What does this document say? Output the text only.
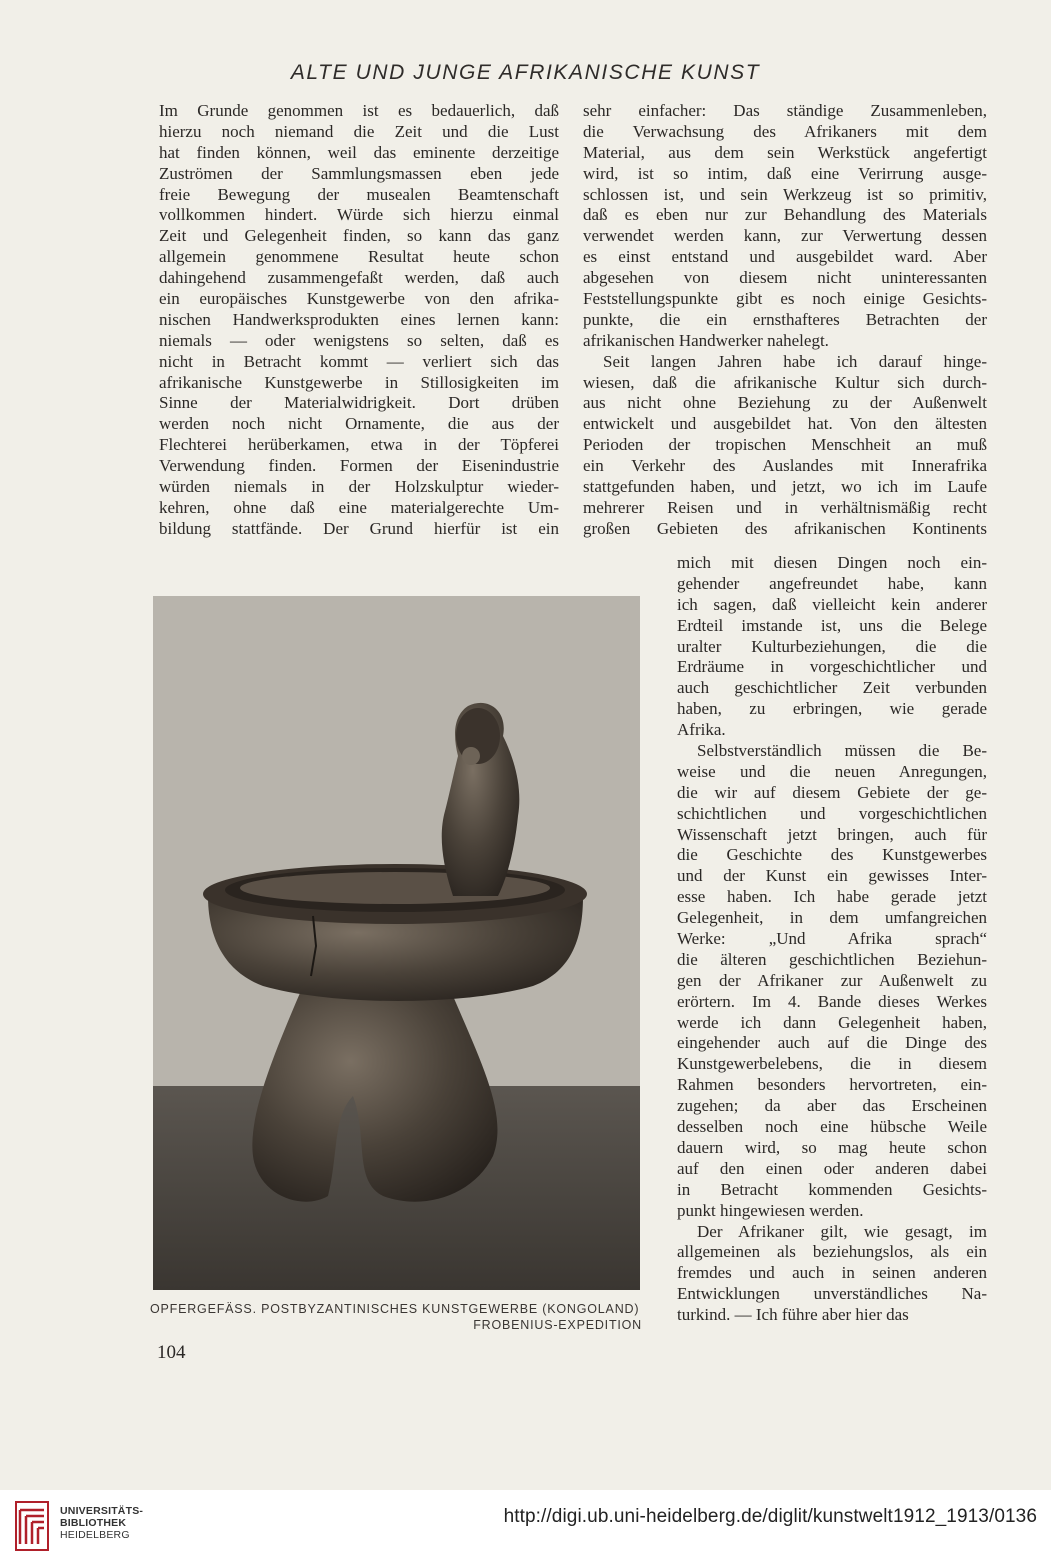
ALTE UND JUNGE AFRIKANISCHE KUNST
Im Grunde genommen ist es bedauerlich, daß
hierzu noch niemand die Zeit und die Lust
hat finden können, weil das eminente derzeitige
Zuströmen der Sammlungsmassen eben jede
freie Bewegung der musealen Beamtenschaft
vollkommen hindert. Würde sich hierzu einmal
Zeit und Gelegenheit finden, so kann das ganz
allgemein genommene Resultat heute schon
dahingehend zusammengefaßt werden, daß auch
ein europäisches Kunstgewerbe von den afrika-
nischen Handwerksprodukten eines lernen kann:
niemals — oder wenigstens so selten, daß es
nicht in Betracht kommt — verliert sich das
afrikanische Kunstgewerbe in Stillosigkeiten im
Sinne der Materialwidrigkeit. Dort drüben
werden noch nicht Ornamente, die aus der
Flechterei herüberkamen, etwa in der Töpferei
Verwendung finden. Formen der Eisenindustrie
würden niemals in der Holzskulptur wieder-
kehren, ohne daß eine materialgerechte Um-
bildung stattfände. Der Grund hierfür ist ein
sehr einfacher: Das ständige Zusammenleben,
die Verwachsung des Afrikaners mit dem
Material, aus dem sein Werkstück angefertigt
wird, ist so intim, daß eine Verirrung ausge-
schlossen ist, und sein Werkzeug ist so primitiv,
daß es eben nur zur Behandlung des Materials
verwendet werden kann, zur Verwertung dessen
es einst entstand und ausgebildet ward. Aber
abgesehen von diesem nicht uninteressanten
Feststellungspunkte gibt es noch einige Gesichts-
punkte, die ein ernsthafteres Betrachten der
afrikanischen Handwerker nahelegt.
Seit langen Jahren habe ich darauf hinge-
wiesen, daß die afrikanische Kultur sich durch-
aus nicht ohne Beziehung zu der Außenwelt
entwickelt und ausgebildet hat. Von den ältesten
Perioden der tropischen Menschheit an muß
ein Verkehr des Auslandes mit Innerafrika
stattgefunden haben, und jetzt, wo ich im Laufe
mehrerer Reisen und in verhältnismäßig recht
großen Gebieten des afrikanischen Kontinents
mich mit diesen Dingen noch ein-
gehender angefreundet habe, kann
ich sagen, daß vielleicht kein anderer
Erdteil imstande ist, uns die Belege
uralter Kulturbeziehungen, die die
Erdräume in vorgeschichtlicher und
auch geschichtlicher Zeit verbunden
haben, zu erbringen, wie gerade
Afrika.
Selbstverständlich müssen die Be-
weise und die neuen Anregungen,
die wir auf diesem Gebiete der ge-
schichtlichen und vorgeschichtlichen
Wissenschaft jetzt bringen, auch für
die Geschichte des Kunstgewerbes
und der Kunst ein gewisses Inter-
esse haben. Ich habe gerade jetzt
Gelegenheit, in dem umfangreichen
Werke: „Und Afrika sprach“
die älteren geschichtlichen Beziehun-
gen der Afrikaner zur Außenwelt zu
erörtern. Im 4. Bande dieses Werkes
werde ich dann Gelegenheit haben,
eingehender auch auf die Dinge des
Kunstgewerbelebens, die in diesem
Rahmen besonders hervortreten, ein-
zugehen; da aber das Erscheinen
desselben noch eine hübsche Weile
dauern wird, so mag heute schon
auf den einen oder anderen dabei
in Betracht kommenden Gesichts-
punkt hingewiesen werden.
Der Afrikaner gilt, wie gesagt, im
allgemeinen als beziehungslos, als ein
fremdes und auch in seinen anderen
Entwicklungen unverständliches Na-
turkind. — Ich führe aber hier das
OPFERGEFÄSS. POSTBYZANTINISCHES KUNSTGEWERBE (KONGOLAND)
FROBENIUS-EXPEDITION
104
UNIVERSITÄTS-
BIBLIOTHEK
HEIDELBERG
http://digi.ub.uni-heidelberg.de/diglit/kunstwelt1912_1913/0136
